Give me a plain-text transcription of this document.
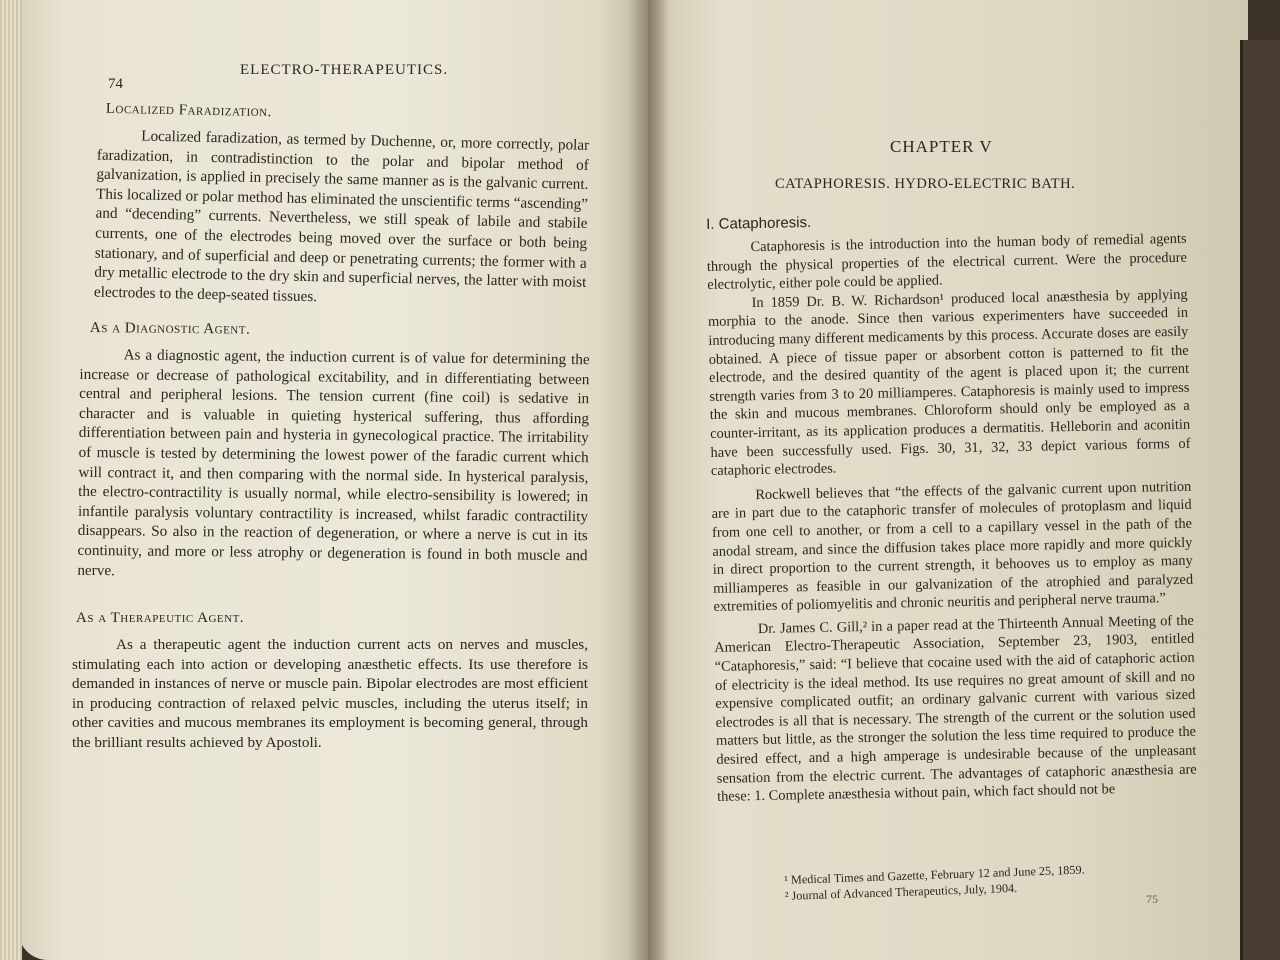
74
ELECTRO-THERAPEUTICS.
Localized Faradization.

Localized faradization, as termed by Duchenne, or, more correctly, polar faradization, in contradistinction to the polar and bipolar method of galvanization, is applied in precisely the same manner as is the galvanic current. This localized or polar method has eliminated the unscientific terms “ascending” and “decending” currents. Nevertheless, we still speak of labile and stabile currents, one of the electrodes being moved over the surface or both being stationary, and of superficial and deep or penetrating currents; the former with a dry metallic electrode to the dry skin and superficial nerves, the latter with moist electrodes to the deep-seated tissues.

As a Diagnostic Agent.

As a diagnostic agent, the induction current is of value for determining the increase or decrease of pathological excitability, and in differentiating between central and peripheral lesions. The tension current (fine coil) is sedative in character and is valuable in quieting hysterical suffering, thus affording differentiation between pain and hysteria in gynecological practice. The irritability of muscle is tested by determining the lowest power of the faradic current which will contract it, and then comparing with the normal side. In hysterical paralysis, the electro-contractility is usually normal, while electro-sensibility is lowered; in infantile paralysis voluntary contractility is increased, whilst faradic contractility disappears. So also in the reaction of degeneration, or where a nerve is cut in its continuity, and more or less atrophy or degeneration is found in both muscle and nerve.

As a Therapeutic Agent.

As a therapeutic agent the induction current acts on nerves and muscles, stimulating each into action or developing anæsthetic effects. Its use therefore is demanded in instances of nerve or muscle pain. Bipolar electrodes are most efficient in producing contraction of relaxed pelvic muscles, including the uterus itself; in other cavities and mucous membranes its employment is becoming general, through the brilliant results achieved by Apostoli.

CHAPTER V
CATAPHORESIS. HYDRO-ELECTRIC BATH.
I. Cataphoresis.

Cataphoresis is the introduction into the human body of remedial agents through the physical properties of the electrical current. Were the procedure electrolytic, either pole could be applied.

In 1859 Dr. B. W. Richardson¹ produced local anæsthesia by applying morphia to the anode. Since then various experimenters have succeeded in introducing many different medicaments by this process. Accurate doses are easily obtained. A piece of tissue paper or absorbent cotton is patterned to fit the electrode, and the desired quantity of the agent is placed upon it; the current strength varies from 3 to 20 milliamperes. Cataphoresis is mainly used to impress the skin and mucous membranes. Chloroform should only be employed as a counter-irritant, as its application produces a dermatitis. Helleborin and aconitin have been successfully used. Figs. 30, 31, 32, 33 depict various forms of cataphoric electrodes.

Rockwell believes that “the effects of the galvanic current upon nutrition are in part due to the cataphoric transfer of molecules of protoplasm and liquid from one cell to another, or from a cell to a capillary vessel in the path of the anodal stream, and since the diffusion takes place more rapidly and more quickly in direct proportion to the current strength, it behooves us to employ as many milliamperes as feasible in our galvanization of the atrophied and paralyzed extremities of poliomyelitis and chronic neuritis and peripheral nerve trauma.”

Dr. James C. Gill,² in a paper read at the Thirteenth Annual Meeting of the American Electro-Therapeutic Association, September 23, 1903, entitled “Cataphoresis,” said: “I believe that cocaine used with the aid of cataphoric action of electricity is the ideal method. Its use requires no great amount of skill and no expensive complicated outfit; an ordinary galvanic current with various sized electrodes is all that is necessary. The strength of the current or the solution used matters but little, as the stronger the solution the less time required to produce the desired effect, and a high amperage is undesirable because of the unpleasant sensation from the electric current. The advantages of cataphoric anæsthesia are these: 1. Complete anæsthesia without pain, which fact should not be

¹ Medical Times and Gazette, February 12 and June 25, 1859.
² Journal of Advanced Therapeutics, July, 1904.	75
